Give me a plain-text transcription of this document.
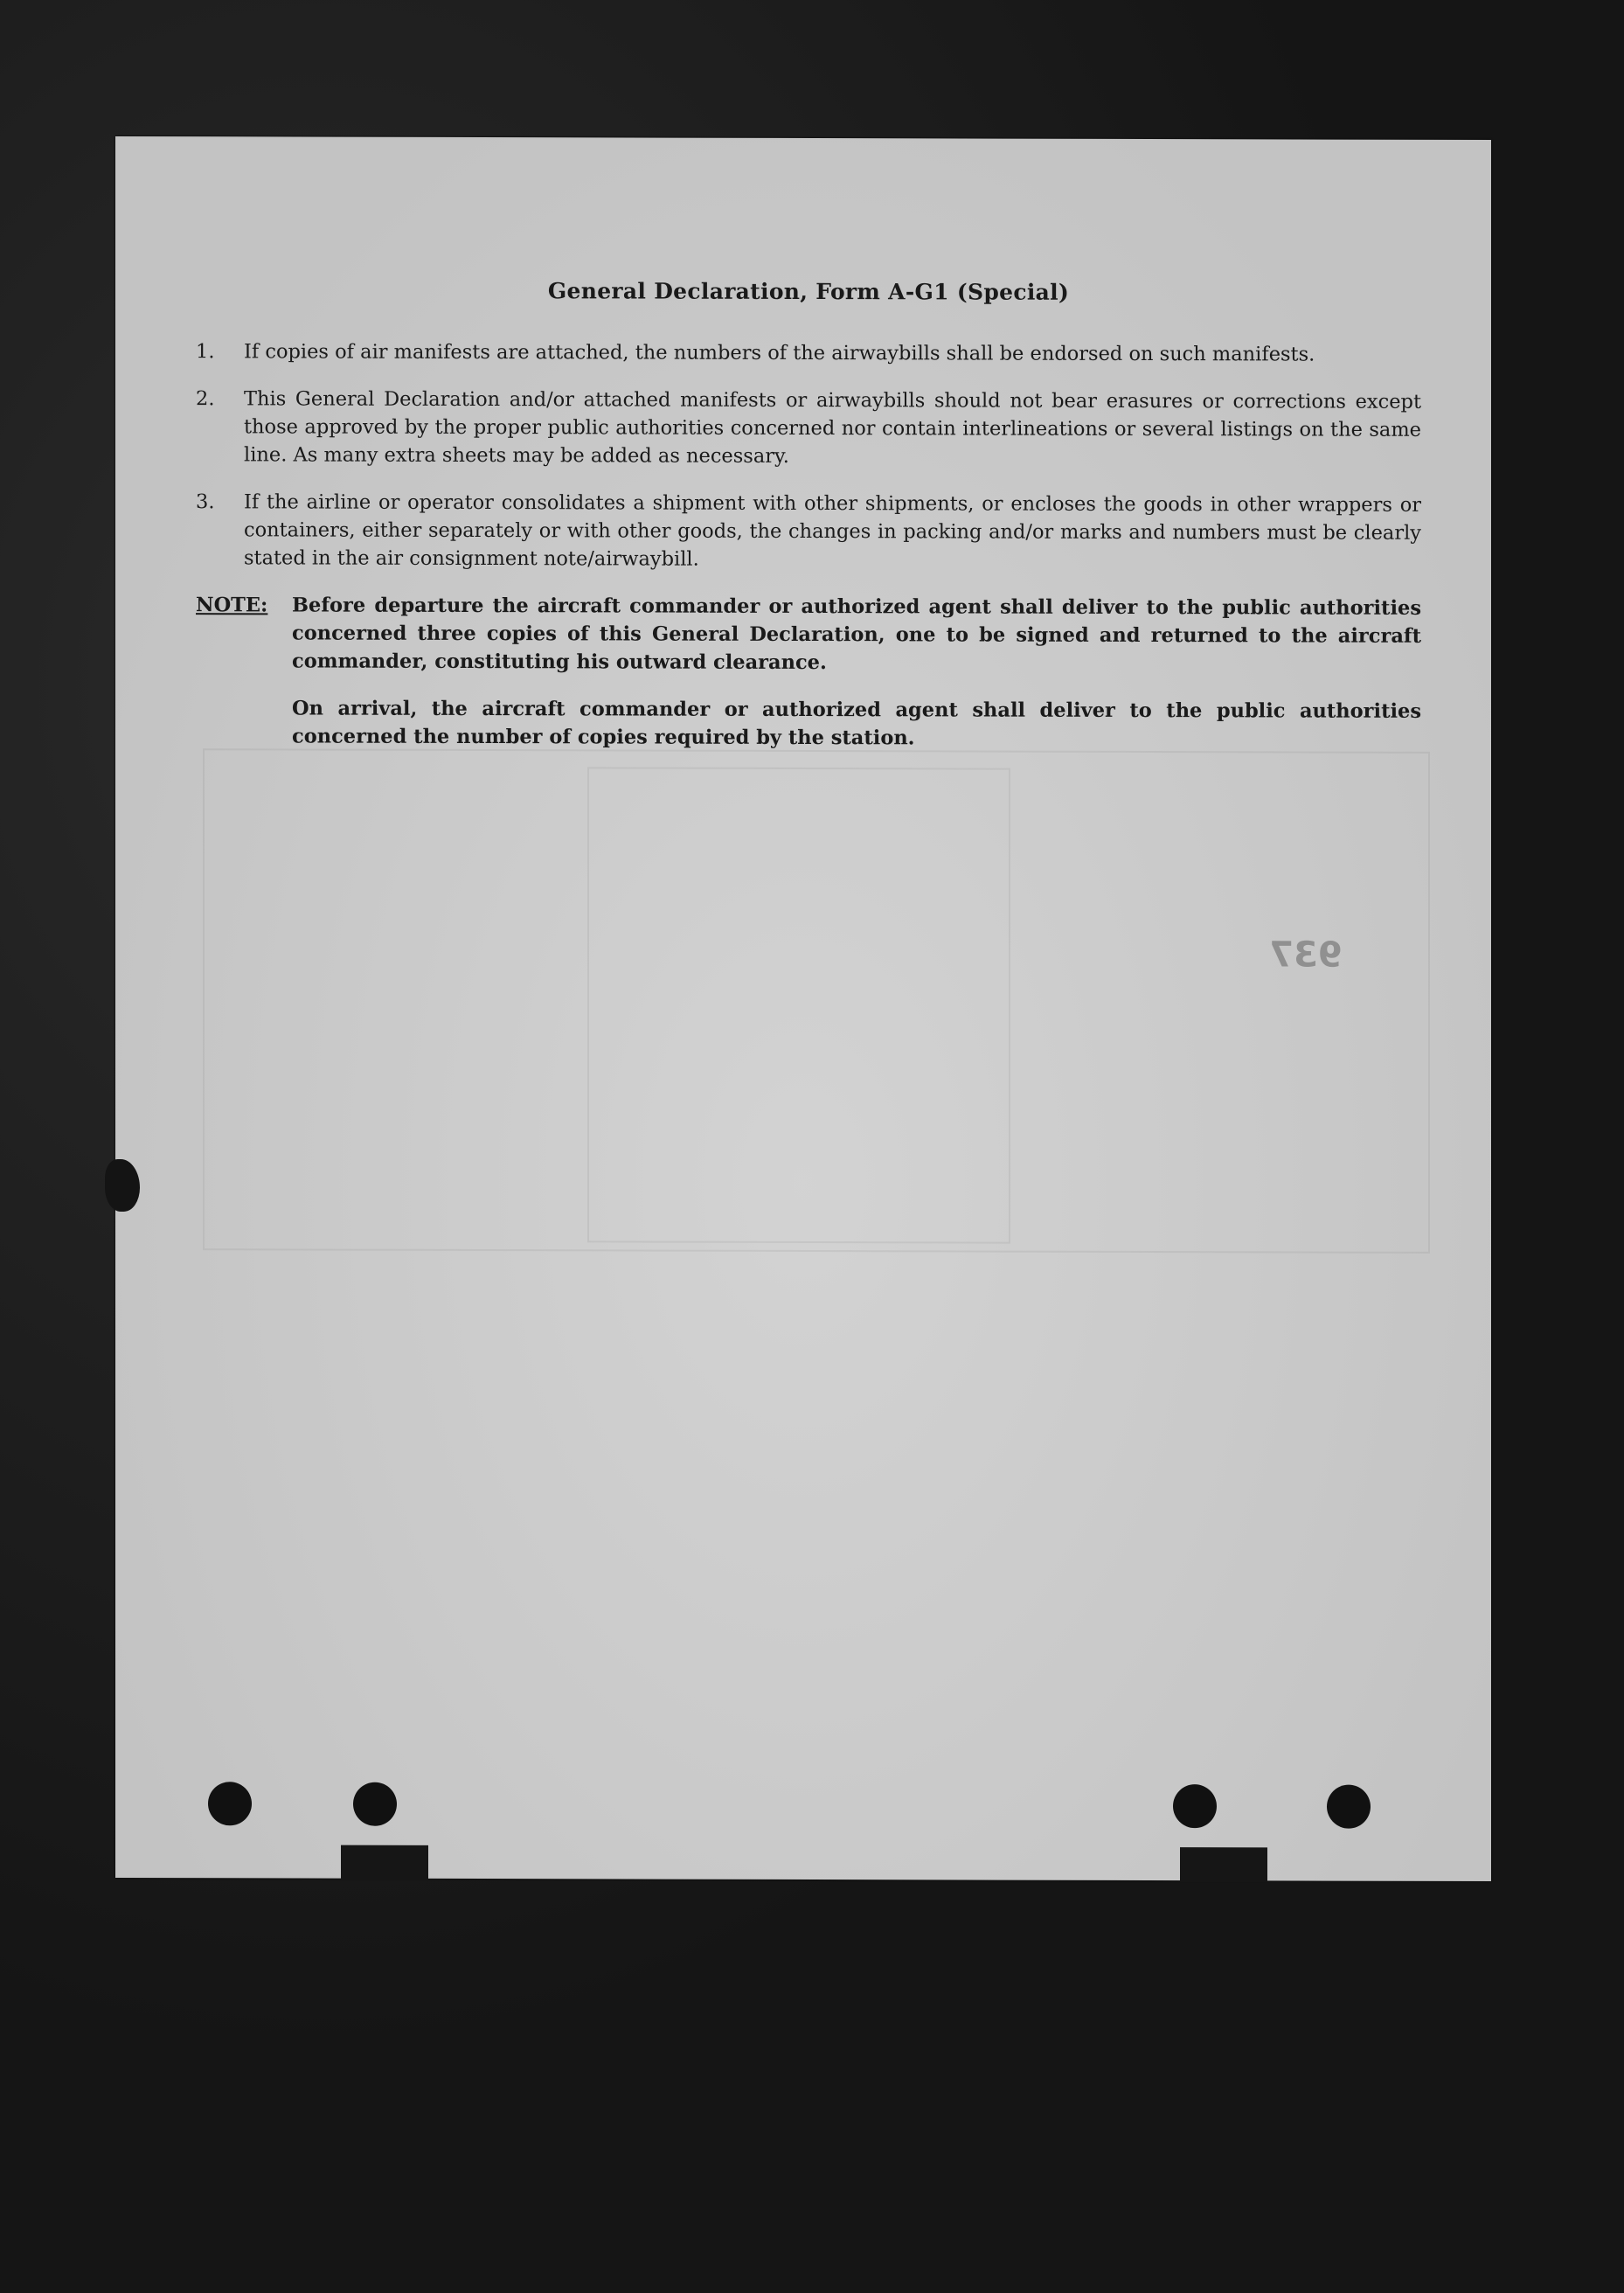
General Declaration, Form A-G1 (Special)
1.	If copies of air manifests are attached, the numbers of the airwaybills shall be endorsed on such manifests.
2.	This General Declaration and/or attached manifests or airwaybills should not bear erasures or corrections except those approved by the proper public authorities concerned nor contain interlineations or several listings on the same line. As many extra sheets may be added as necessary.
3.	If the airline or operator consolidates a shipment with other shipments, or encloses the goods in other wrappers or containers, either separately or with other goods, the changes in packing and/or marks and numbers must be clearly stated in the air consignment note/airwaybill.
NOTE:	Before departure the aircraft commander or authorized agent shall deliver to the public authorities concerned three copies of this General Declaration, one to be signed and returned to the aircraft commander, constituting his outward clearance.

On arrival, the aircraft commander or authorized agent shall deliver to the public authorities concerned the number of copies required by the station.

937
